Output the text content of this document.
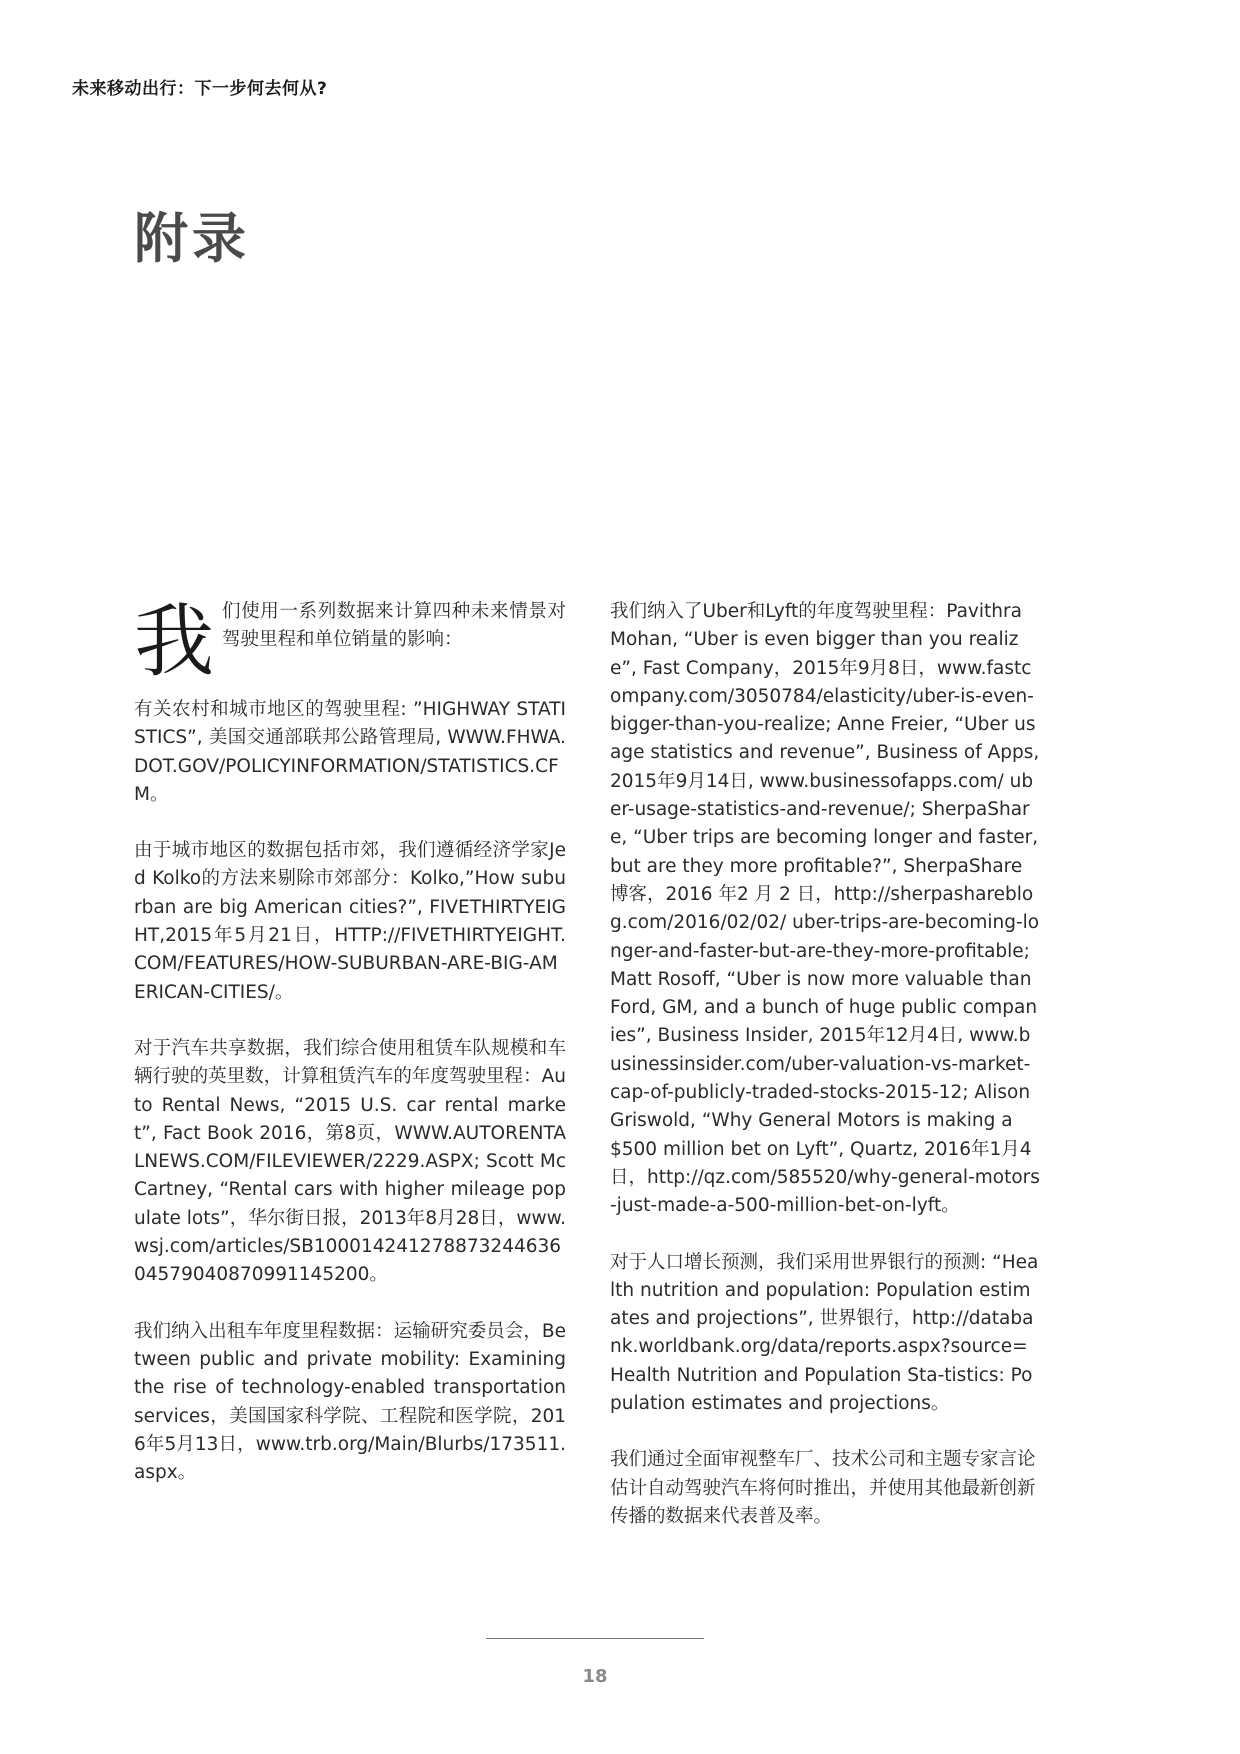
未来移动出行：下一步何去何从?
附录

我 们使用一系列数据来计算四种未来情景对驾驶里程和单位销量的影响：

有关农村和城市地区的驾驶里程: ”HIGHWAY STATISTICS”, 美国交通部联邦公路管理局, WWW.FHWA.DOT.GOV/POLICYINFORMATION/STATISTICS.CFM。

由于城市地区的数据包括市郊，我们遵循经济学家Jed Kolko的方法来剔除市郊部分：Kolko,”How suburban are big American cities?”, FIVETHIRTYEIGHT,2015年5月21日，HTTP://FIVETHIRTYEIGHT.COM/FEATURES/HOW-SUBURBAN-ARE-BIG-AMERICAN-CITIES/。

对于汽车共享数据，我们综合使用租赁车队规模和车辆行驶的英里数，计算租赁汽车的年度驾驶里程：Auto Rental News, “2015 U.S. car rental market”, Fact Book 2016，第8页，WWW.AUTORENTALNEWS.COM/FILEVIEWER/2229.ASPX; Scott McCartney, “Rental cars with higher mileage populate lots”，华尔街日报，2013年8月28日，www.wsj.com/articles/SB10001424127887324463604579040870991145200。

我们纳入出租车年度里程数据：运输研究委员会，Between public and private mobility: Examining the rise of technology-enabled transportation services，美国国家科学院、工程院和医学院，2016年5月13日，www.trb.org/Main/Blurbs/173511.aspx。

我们纳入了Uber和Lyft的年度驾驶里程：Pavithra Mohan, “Uber is even bigger than you realize”, Fast Company，2015年9月8日，www.fastcompany.com/3050784/elasticity/uber-is-even-bigger-than-you-realize; Anne Freier, “Uber usage statistics and revenue”, Business of Apps, 2015年9月14日, www.businessofapps.com/ uber-usage-statistics-and-revenue/; SherpaShare, “Uber trips are becoming longer and faster, but are they more profitable?”, SherpaShare博客，2016 年2 月 2 日，http://sherpashareblog.com/2016/02/02/ uber-trips-are-becoming-longer-and-faster-but-are-they-more-profitable; Matt Rosoff, “Uber is now more valuable than Ford, GM, and a bunch of huge public companies”, Business Insider, 2015年12月4日, www.businessinsider.com/uber-valuation-vs-market-cap-of-publicly-traded-stocks-2015-12; Alison Griswold, “Why General Motors is making a $500 million bet on Lyft”, Quartz, 2016年1月4日，http://qz.com/585520/why-general-motors-just-made-a-500-million-bet-on-lyft。

对于人口增长预测，我们采用世界银行的预测: “Health nutrition and population: Population estimates and projections”, 世界银行，http://databank.worldbank.org/data/reports.aspx?source=Health Nutrition and Population Sta-tistics: Population estimates and projections。

我们通过全面审视整车厂、技术公司和主题专家言论估计自动驾驶汽车将何时推出，并使用其他最新创新传播的数据来代表普及率。

18
